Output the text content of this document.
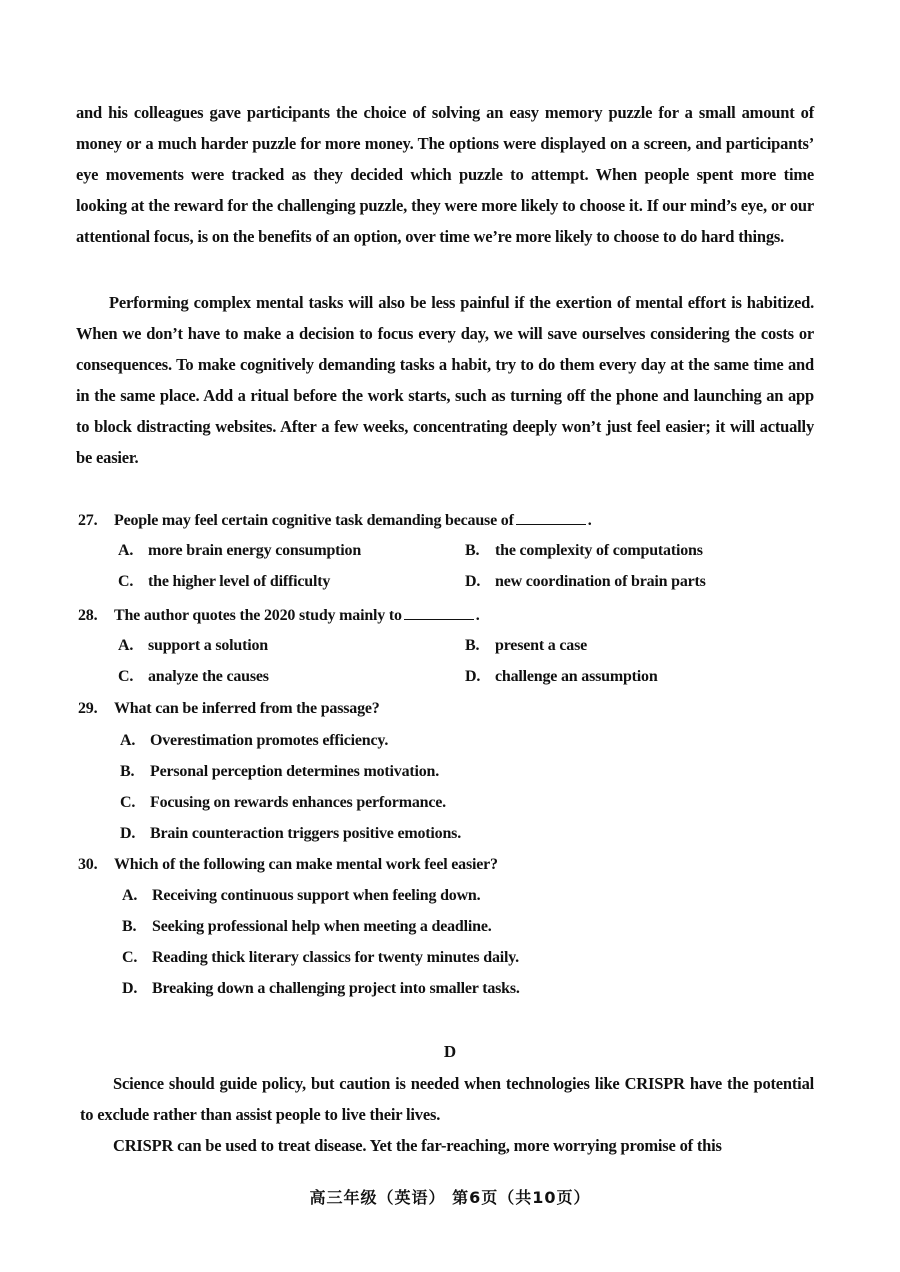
and his colleagues gave participants the choice of solving an easy memory puzzle for a small amount of money or a much harder puzzle for more money. The options were displayed on a screen, and participants’ eye movements were tracked as they decided which puzzle to attempt. When people spent more time looking at the reward for the challenging puzzle, they were more likely to choose it. If our mind’s eye, or our attentional focus, is on the benefits of an option, over time we’re more likely to choose to do hard things.

Performing complex mental tasks will also be less painful if the exertion of mental effort is habitized. When we don’t have to make a decision to focus every day, we will save ourselves considering the costs or consequences. To make cognitively demanding tasks a habit, try to do them every day at the same time and in the same place. Add a ritual before the work starts, such as turning off the phone and launching an app to block distracting websites. After a few weeks, concentrating deeply won’t just feel easier; it will actually be easier.

27. People may feel certain cognitive task demanding because of	.
A. more brain energy consumption	B. the complexity of computations
C. the higher level of difficulty	D. new coordination of brain parts
28. The author quotes the 2020 study mainly to	.
A. support a solution	B. present a case
C. analyze the causes	D. challenge an assumption
29. What can be inferred from the passage?
A. Overestimation promotes efficiency.
B. Personal perception determines motivation.
C. Focusing on rewards enhances performance.
D. Brain counteraction triggers positive emotions.
30. Which of the following can make mental work feel easier?
A. Receiving continuous support when feeling down.
B. Seeking professional help when meeting a deadline.
C. Reading thick literary classics for twenty minutes daily.
D. Breaking down a challenging project into smaller tasks.
D

Science should guide policy, but caution is needed when technologies like CRISPR have the potential to exclude rather than assist people to live their lives.

CRISPR can be used to treat disease. Yet the far-reaching, more worrying promise of this

高三年级（英语） 第6页（共10页）
